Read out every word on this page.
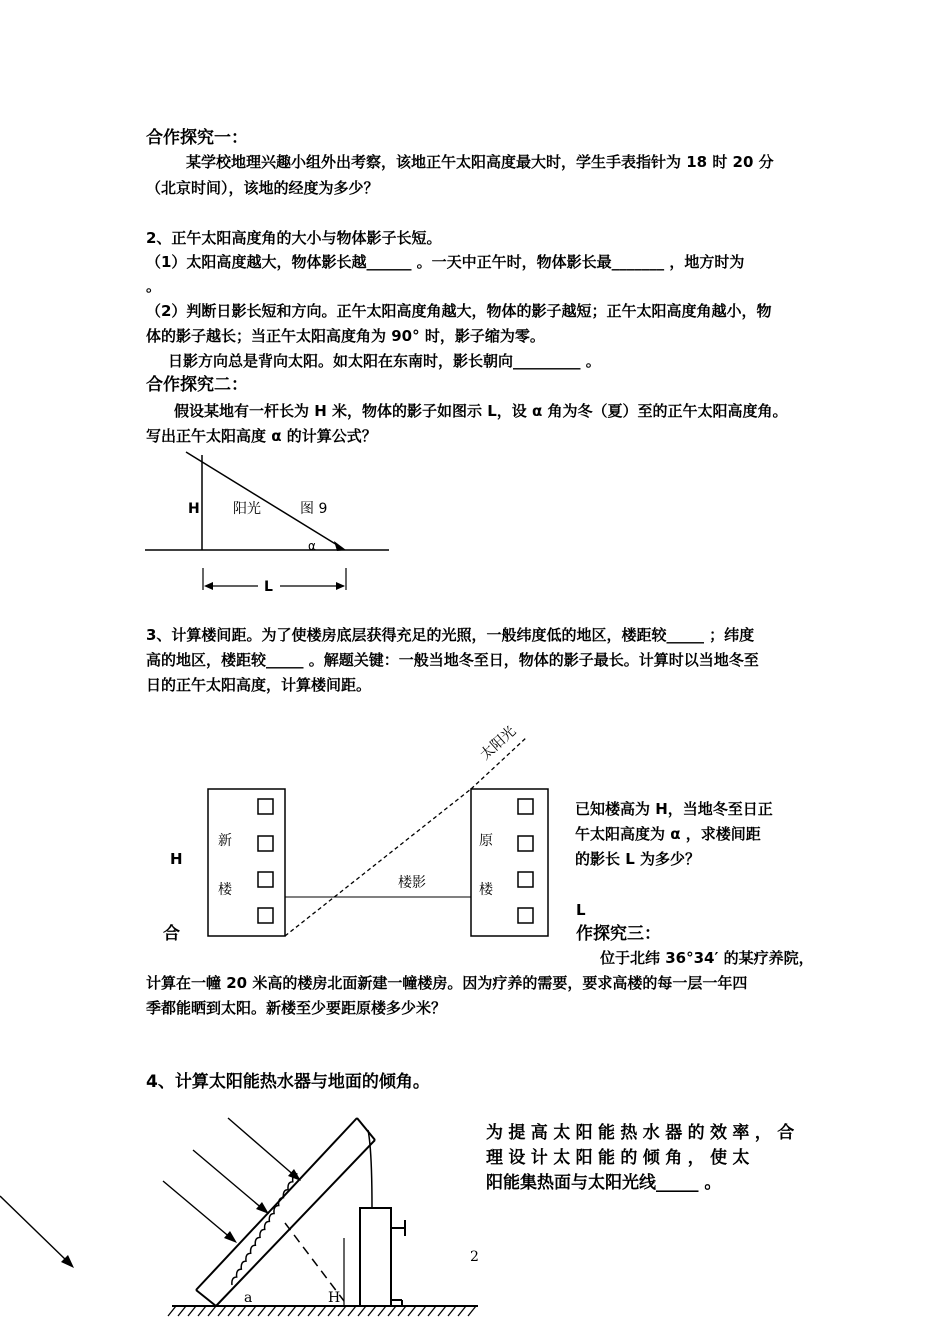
合作探究一：
某学校地理兴趣小组外出考察，该地正午太阳高度最大时，学生手表指针为 18 时 20 分
（北京时间），该地的经度为多少？
2、正午太阳高度角的大小与物体影子长短。
（1）太阳高度越大，物体影长越______ 。一天中正午时，物体影长最_______ ，地方时为
。
（2）判断日影长短和方向。正午太阳高度角越大，物体的影子越短；正午太阳高度角越小，物
体的影子越长；当正午太阳高度角为 90° 时，影子缩为零。
日影方向总是背向太阳。如太阳在东南时，影长朝向_________ 。
合作探究二：
假设某地有一杆长为 H 米，物体的影子如图示 L，设 α 角为冬（夏）至的正午太阳高度角。
写出正午太阳高度 α 的计算公式？
H 阳光	图 9
α
L
3、计算楼间距。为了使楼房底层获得充足的光照，一般纬度低的地区，楼距较_____ ；纬度
高的地区，楼距较_____ 。解题关键：一般当地冬至日，物体的影子最长。计算时以当地冬至
日的正午太阳高度，计算楼间距。
太阳光
新
楼
原
楼
楼影
H
L
已知楼高为 H，当地冬至日正
午太阳高度为 α ，求楼间距
的影长 L 为多少？
合	作探究三：
位于北纬 36°34′ 的某疗养院，
计算在一幢 20 米高的楼房北面新建一幢楼房。因为疗养的需要，要求高楼的每一层一年四
季都能晒到太阳。新楼至少要距原楼多少米？
4、计算太阳能热水器与地面的倾角。
为提高太阳能热水器的效率，合
理设计太阳能的倾角，使太
阳能集热面与太阳光线_____ 。
a	H
2
